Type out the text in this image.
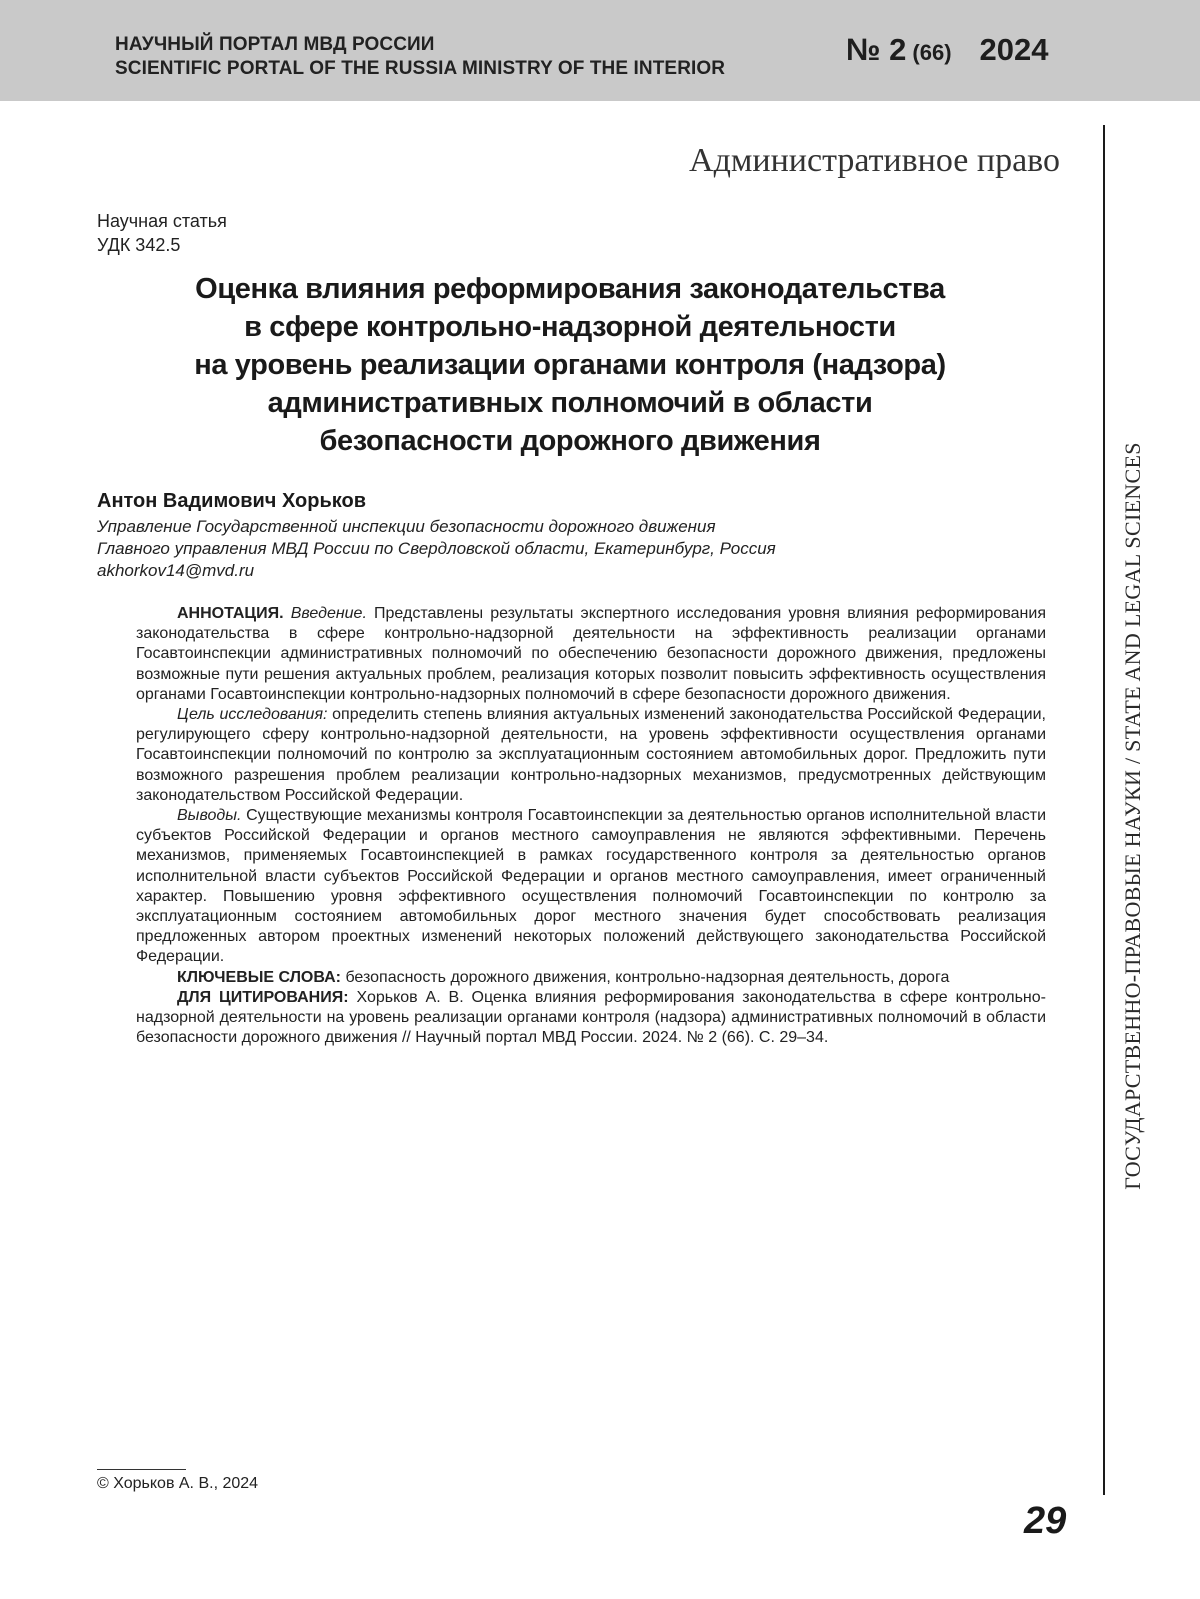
НАУЧНЫЙ ПОРТАЛ МВД РОССИИ
SCIENTIFIC PORTAL OF THE RUSSIA MINISTRY OF THE INTERIOR
№ 2 (66) 2024
Административное право
ГОСУДАРСТВЕННО-ПРАВОВЫЕ НАУКИ / STATE AND LEGAL SCIENCES
Научная статья
УДК 342.5
Оценка влияния реформирования законодательства
в сфере контрольно-надзорной деятельности
на уровень реализации органами контроля (надзора)
административных полномочий в области
безопасности дорожного движения
Антон Вадимович Хорьков
Управление Государственной инспекции безопасности дорожного движения
Главного управления МВД России по Свердловской области, Екатеринбург, Россия
akhorkov14@mvd.ru

АННОТАЦИЯ. Введение. Представлены результаты экспертного исследования уровня влияния реформирования законодательства в сфере контрольно-надзорной деятельности на эффективность реализации органами Госавтоинспекции административных полномочий по обеспечению безопасности дорожного движения, предложены возможные пути решения актуальных проблем, реализация которых позволит повысить эффективность осуществления органами Госавтоинспекции контрольно-надзорных полномочий в сфере безопасности дорожного движения.

Цель исследования: определить степень влияния актуальных изменений законодательства Российской Федерации, регулирующего сферу контрольно-надзорной деятельности, на уровень эффективности осуществления органами Госавтоинспекции полномочий по контролю за эксплуатационным состоянием автомобильных дорог. Предложить пути возможного разрешения проблем реализации контрольно-надзорных механизмов, предусмотренных действующим законодательством Российской Федерации.

Выводы. Существующие механизмы контроля Госавтоинспекции за деятельностью органов исполнительной власти субъектов Российской Федерации и органов местного самоуправления не являются эффективными. Перечень механизмов, применяемых Госавтоинспекцией в рамках государственного контроля за деятельностью органов исполнительной власти субъектов Российской Федерации и органов местного самоуправления, имеет ограниченный характер. Повышению уровня эффективного осуществления полномочий Госавтоинспекции по контролю за эксплуатационным состоянием автомобильных дорог местного значения будет способствовать реализация предложенных автором проектных изменений некоторых положений действующего законодательства Российской Федерации.

КЛЮЧЕВЫЕ СЛОВА: безопасность дорожного движения, контрольно-надзорная деятельность, дорога

ДЛЯ ЦИТИРОВАНИЯ: Хорьков А. В. Оценка влияния реформирования законодательства в сфере контрольно-надзорной деятельности на уровень реализации органами контроля (надзора) административных полномочий в области безопасности дорожного движения // Научный портал МВД России. 2024. № 2 (66). С. 29–34.

© Хорьков А. В., 2024
29
